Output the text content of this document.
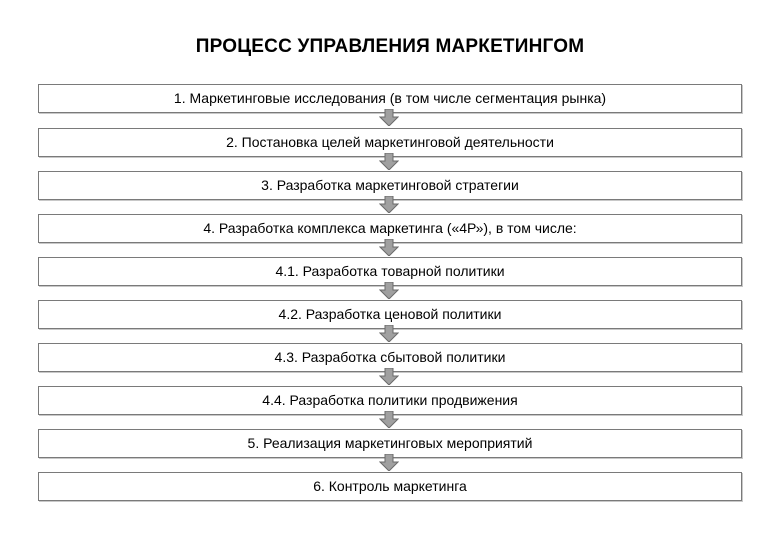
ПРОЦЕСС УПРАВЛЕНИЯ МАРКЕТИНГОМ
1. Маркетинговые исследования (в том числе сегментация рынка)
2. Постановка целей маркетинговой деятельности
3. Разработка маркетинговой стратегии
4. Разработка комплекса маркетинга («4Р»), в том числе:
4.1. Разработка товарной политики
4.2. Разработка ценовой политики
4.3. Разработка сбытовой политики
4.4. Разработка политики продвижения
5. Реализация маркетинговых мероприятий
6. Контроль маркетинга
